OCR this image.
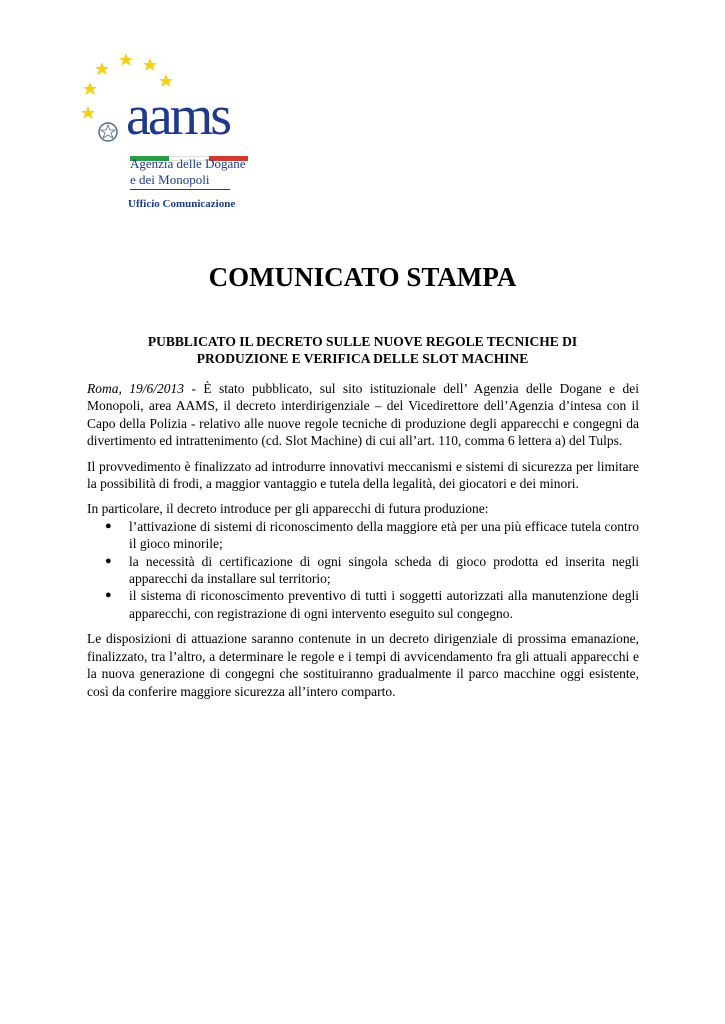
aams
Agenzia delle Dogane
e dei Monopoli
Ufficio Comunicazione
COMUNICATO STAMPA
PUBBLICATO IL DECRETO SULLE NUOVE REGOLE TECNICHE DI
PRODUZIONE E VERIFICA DELLE SLOT MACHINE

Roma, 19/6/2013 - È stato pubblicato, sul sito istituzionale dell’ Agenzia delle Dogane e dei Monopoli, area AAMS, il decreto interdirigenziale – del Vicedirettore dell’Agenzia d’intesa con il Capo della Polizia - relativo alle nuove regole tecniche di produzione degli apparecchi e congegni da divertimento ed intrattenimento (cd. Slot Machine) di cui all’art. 110, comma 6 lettera a) del Tulps.

Il provvedimento è finalizzato ad introdurre innovativi meccanismi e sistemi di sicurezza per limitare la possibilità di frodi, a maggior vantaggio e tutela della legalità, dei giocatori e dei minori.

In particolare, il decreto introduce per gli apparecchi di futura produzione:

● l’attivazione di sistemi di riconoscimento della maggiore età per una più efficace tutela contro il gioco minorile;
● la necessità di certificazione di ogni singola scheda di gioco prodotta ed inserita negli apparecchi da installare sul territorio;
● il sistema di riconoscimento preventivo di tutti i soggetti autorizzati alla manutenzione degli apparecchi, con registrazione di ogni intervento eseguito sul congegno.

Le disposizioni di attuazione saranno contenute in un decreto dirigenziale di prossima emanazione, finalizzato, tra l’altro, a determinare le regole e i tempi di avvicendamento fra gli attuali apparecchi e la nuova generazione di congegni che sostituiranno gradualmente il parco macchine oggi esistente, così da conferire maggiore sicurezza all’intero comparto.
